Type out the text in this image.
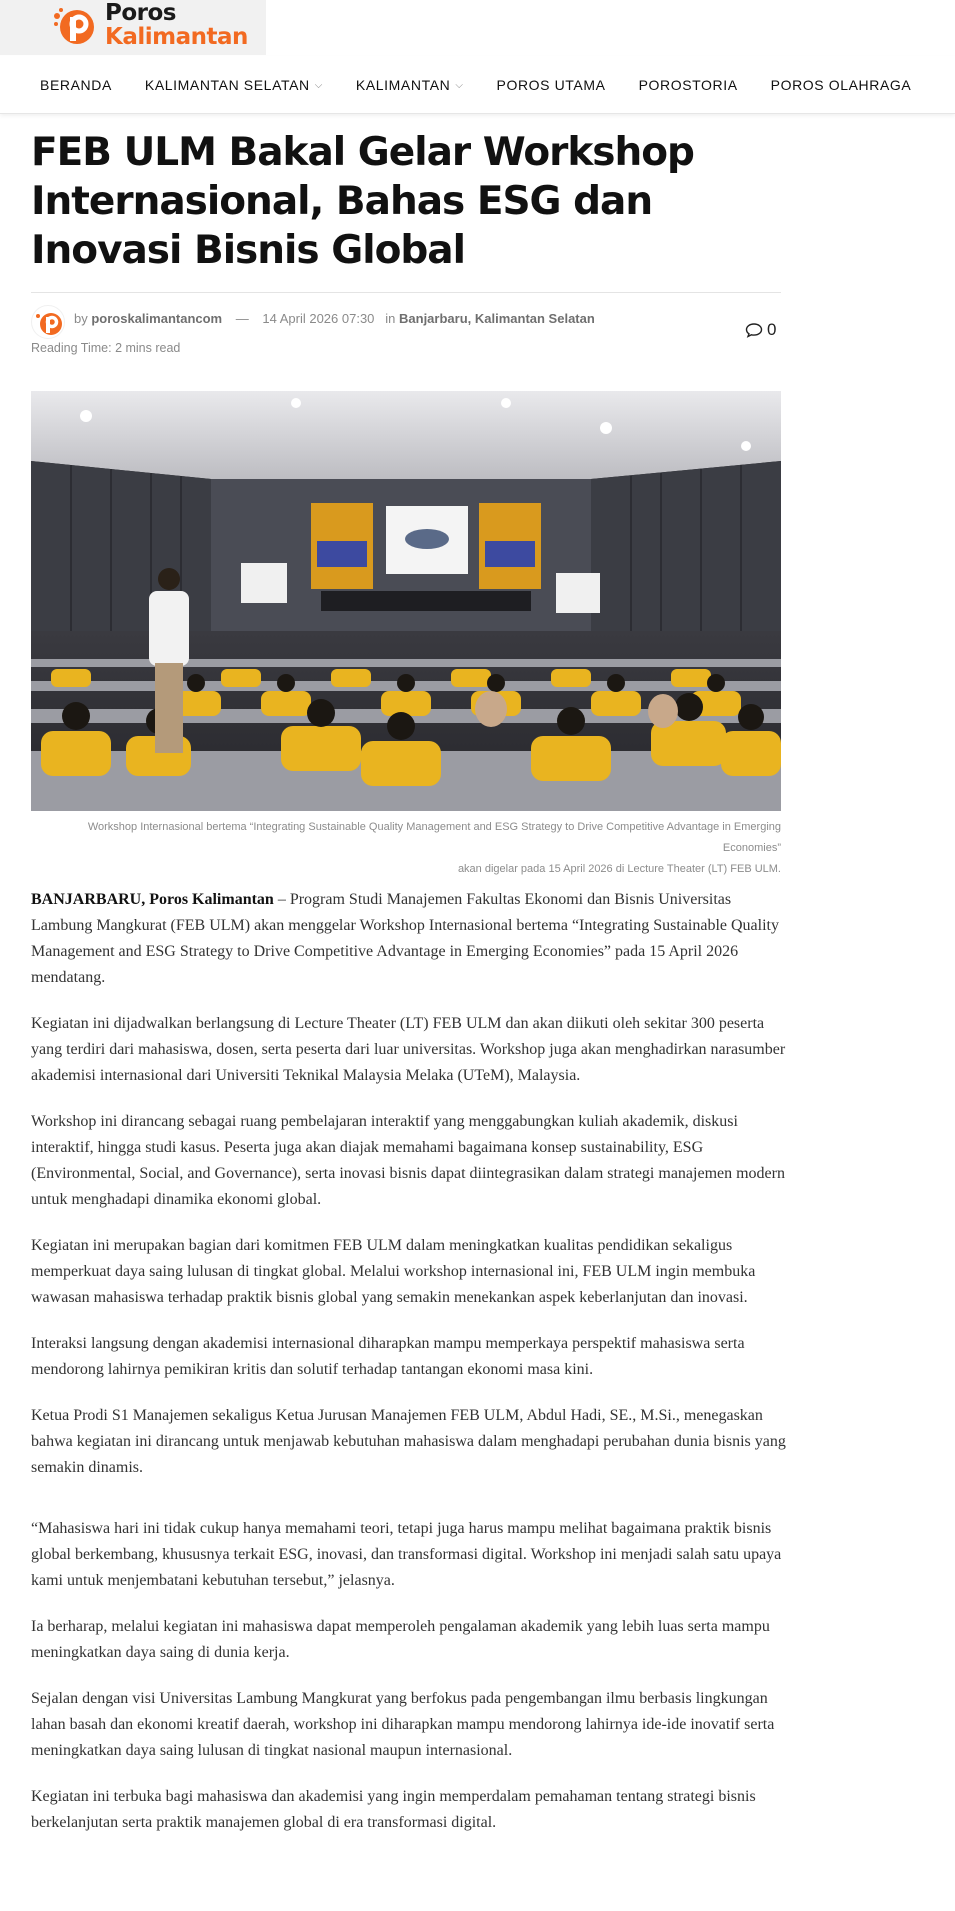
Poros
Kalimantan
BERANDA KALIMANTAN SELATAN ⌵ KALIMANTAN ⌵ POROS UTAMA POROSTORIA POROS OLAHRAGA
FEB ULM Bakal Gelar Workshop Internasional, Bahas ESG dan Inovasi Bisnis Global
by poroskalimantancom — 14 April 2026 07:30 in Banjarbaru, Kalimantan Selatan
Reading Time: 2 mins read
0
Workshop Internasional bertema “Integrating Sustainable Quality Management and ESG Strategy to Drive Competitive Advantage in Emerging Economies”
akan digelar pada 15 April 2026 di Lecture Theater (LT) FEB ULM.

BANJARBARU, Poros Kalimantan – Program Studi Manajemen Fakultas Ekonomi dan Bisnis Universitas Lambung Mangkurat (FEB ULM) akan menggelar Workshop Internasional bertema “Integrating Sustainable Quality Management and ESG Strategy to Drive Competitive Advantage in Emerging Economies” pada 15 April 2026 mendatang.

Kegiatan ini dijadwalkan berlangsung di Lecture Theater (LT) FEB ULM dan akan diikuti oleh sekitar 300 peserta yang terdiri dari mahasiswa, dosen, serta peserta dari luar universitas. Workshop juga akan menghadirkan narasumber akademisi internasional dari Universiti Teknikal Malaysia Melaka (UTeM), Malaysia.

Workshop ini dirancang sebagai ruang pembelajaran interaktif yang menggabungkan kuliah akademik, diskusi interaktif, hingga studi kasus. Peserta juga akan diajak memahami bagaimana konsep sustainability, ESG (Environmental, Social, and Governance), serta inovasi bisnis dapat diintegrasikan dalam strategi manajemen modern untuk menghadapi dinamika ekonomi global.

Kegiatan ini merupakan bagian dari komitmen FEB ULM dalam meningkatkan kualitas pendidikan sekaligus memperkuat daya saing lulusan di tingkat global. Melalui workshop internasional ini, FEB ULM ingin membuka wawasan mahasiswa terhadap praktik bisnis global yang semakin menekankan aspek keberlanjutan dan inovasi.

Interaksi langsung dengan akademisi internasional diharapkan mampu memperkaya perspektif mahasiswa serta mendorong lahirnya pemikiran kritis dan solutif terhadap tantangan ekonomi masa kini.

Ketua Prodi S1 Manajemen sekaligus Ketua Jurusan Manajemen FEB ULM, Abdul Hadi, SE., M.Si., menegaskan bahwa kegiatan ini dirancang untuk menjawab kebutuhan mahasiswa dalam menghadapi perubahan dunia bisnis yang semakin dinamis.

“Mahasiswa hari ini tidak cukup hanya memahami teori, tetapi juga harus mampu melihat bagaimana praktik bisnis global berkembang, khususnya terkait ESG, inovasi, dan transformasi digital. Workshop ini menjadi salah satu upaya kami untuk menjembatani kebutuhan tersebut,” jelasnya.

Ia berharap, melalui kegiatan ini mahasiswa dapat memperoleh pengalaman akademik yang lebih luas serta mampu meningkatkan daya saing di dunia kerja.

Sejalan dengan visi Universitas Lambung Mangkurat yang berfokus pada pengembangan ilmu berbasis lingkungan lahan basah dan ekonomi kreatif daerah, workshop ini diharapkan mampu mendorong lahirnya ide-ide inovatif serta meningkatkan daya saing lulusan di tingkat nasional maupun internasional.

Kegiatan ini terbuka bagi mahasiswa dan akademisi yang ingin memperdalam pemahaman tentang strategi bisnis berkelanjutan serta praktik manajemen global di era transformasi digital.
